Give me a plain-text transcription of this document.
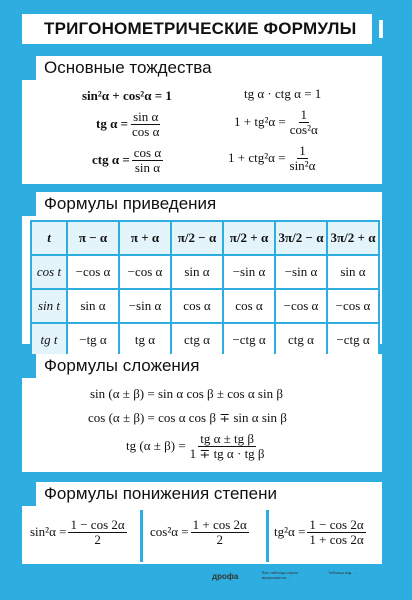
ТРИГОНОМЕТРИЧЕСКИЕ ФОРМУЛЫ I
Основные тождества
sin²α + cos²α = 1	tg α · ctg α = 1
tg $\alpha = \frac{\text{sin α}}{\text{cos α}}$	$1 + tg^2\alpha = \frac{1}{\text{cos²α}}$
ctg $\alpha = \frac{\text{cos α}}{\text{sin α}}$	$1 + ctg^2\alpha = \frac{1}{\text{sin²α}}$
Формулы приведения
t	π − α	π + α	π/2 − α	π/2 + α	3π/2 − α	3π/2 + α
cos t	−cos α	−cos α	sin α	−sin α	−sin α	sin α
sin t	sin α	−sin α	cos α	cos α	−cos α	−cos α
tg t	−tg α	tg α	ctg α	−ctg α	ctg α	−ctg α
Формулы сложения
sin (α ± β) = sin α cos β ± cos α sin β
cos (α ± β) = cos α cos β ∓ sin α sin β
tg $(\alpha \pm \beta) = \frac{\text{tg α ± tg β}}{\text{1 ∓ tg α · tg β}}$
Формулы понижения степени
$\sin^2\alpha = \frac{1 - \cos 2\alpha}{2} \cos^2\alpha = \frac{1 + \cos 2\alpha}{2} tg^2\alpha = \frac{1 - \cos 2\alpha}{1 + \cos 2\alpha}$
Все таблицы серии выпускаются ...
дрофа	Таблица изд. ...
